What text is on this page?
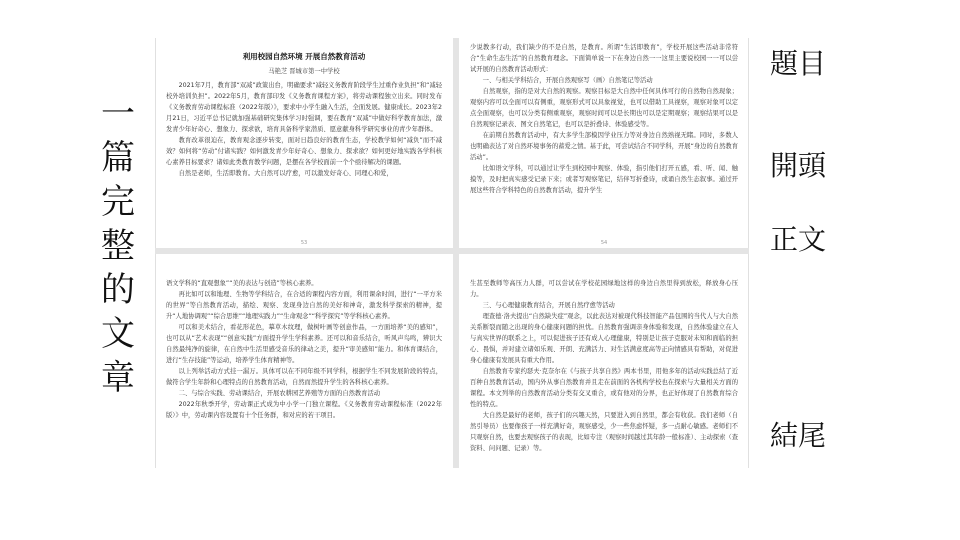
一
篇
完
整
的
文
章
利用校园自然环境 开展自然教育活动
马艳芝 晋城市第一中学校

2021年7月，教育部“双减”政策出台，明确要求“减轻义务教育阶段学生过重作业负担”和“减轻校外培训负担”。2022年5月，教育部印发《义务教育课程方案》，将劳动课程独立出来。同时发布《义务教育劳动课程标准（2022年版）》，要求中小学生融入生活，全面发展。健康成长。2023年2月21日，习近平总书记就加强基础研究集体学习时强调，要在教育“双减”中做好科学教育加法，激发青少年好奇心、想象力、探求欲，培育具备科学家潜质、愿意献身科学研究事业的青少年群体。

教育改革很迫在，教育观念逐步转变，面对日趋良好的教育生态，学校教学如何“减负”而不减效？如何将“劳动”付诸实践？如何激发青少年好奇心、想象力、探求欲？如何更好地实践各学科核心素养目标要求？诸如此类教育教学问题，是摆在各学校面前一个个亟待解决的课题。

自然是老师，生活即教育。大自然可以疗愈，可以激发好奇心、同理心和爱，

53

少说教多行动，我们缺少的不是自然，是教育。所谓“生活即教育”，学校开展这些活动非常符合“生命生态生活”的自然教育理念。下面简单说一下在身边自然一一这里主要说校园一一可以尝试开展的自然教育活动形式：

一、与相关学科结合，开展自然观察写（画）自然笔记等活动

自然观察，指的是对大自然的观察。观察目标是大自然中任何具体可行的自然物自然现象；观察内容可以全面可以有侧重，观察形式可以具象视觉，也可以借助工具视察，观察对象可以定点全面观察，也可以分类有侧重观察，观察时间可以是长期也可以是定期观察；观察结果可以是自然观察记录表、图文自然笔记，也可以是折叠诗、体验感受等。

在前期自然教育活动中，有大多学生部模因学业压力等对身边自然熟视无睹。同时，多数人也明确表达了对自然环境事务的蓄爱之情。基于此，可尝试结合不同学科，开展“身边的自然教育活动”。

比如语文学科，可以通过让学生到校园中观察、体验，指引他们打开五感，看、听、闻、触摸等，及时把真实感受记录下来；或者写观察笔记，结伴写折叠诗，或诵自然生态叙事。通过开展这些符合学科特色的自然教育活动，提升学生

54

语文学科的“直观想象”“美的表达与创造”等核心素养。

再比如可以和地理、生物等学科结合，在合适的课程内容方面，利用课余时间，进行“一平方米的世界”等自然教育活动，描绘、观察、发现身边自然的美好和神奇，激发科学探索的精神，提升“人地协调观”“综合思维”“地理实践力”“生命观念”“科学探究”等学科核心素养。

可以和美术结合，看花形花色，摹草木纹理，做树叶画等创意作品，一方面培养“美的感知”，也可以从“艺术表现”“创意实践”方面提升学生学科素养。还可以和音乐结合，听风声鸟鸣，辨识大自然最纯净的旋律，在自然中生活里感受音乐的律动之美，提升“审美感知”能力。和体育课结合，进行“生存技能”等运动，培养学生体育精神等。

以上列举活动方式挂一漏万。具体可以在不同年级不同学科，根据学生不同发展阶段的特点，做符合学生年龄和心理特点的自然教育活动，自然而然提升学生的各科核心素养。

二、与综合实践、劳动课结合，开展农耕园艺养殖等方面的自然教育活动

2022年秋季开学，劳动课正式成为中小学一门独立课程。《义务教育劳动课程标准（2022年版）》中，劳动课内容设置有十个任务群，和对应的若干项目。

生甚至教师等高压力人群，可以尝试在学校花园绿地这样的身边自然里得到放松，释放身心压力。

三、与心理健康教育结合，开展自然疗愈等活动

理查德·洛夫提出“自然缺失症”观念，以此表达对被现代科技智能产品包围的当代人与大自然关系断裂而随之出现的身心健康问题的担忧。自然教育强调亲身体验和发现，自然体验建立在人与真实世界的联系之上，可以促进孩子还有成人心理健康，特别是让孩子克服对未知和面临的担心、畏惧，并对建立诸如乐观、开朗、充满活力、对生活满意度高等正向情感具有帮助，对促进身心健康有发展具有重大作用。

自然教育专家约瑟夫·克奈尔在《与孩子共享自然》两本书里，用他多年的活动实践总结了近百种自然教育活动，国内外从事自然教育并且走在前面的各机构学校也在探索与大量相关方面的课程。本文列举的自然教育活动分类有交叉重合，或有他对的分界，也正好体现了自然教育综合性的特点。

大自然是最好的老师，孩子们的兴趣天然，只要进入到自然里，都会有收获。我们老师（自然引导员）也要像孩子一样充满好奇，观察感受，少一些焦虑怀疑，多一点耐心敏感。老师们不只观察自然，也要去观察孩子的表现，比如专注（观察时间越过其年龄一般标准）、主动探索（查资料、问问题、记录）等。

題目
開頭
正文
結尾
